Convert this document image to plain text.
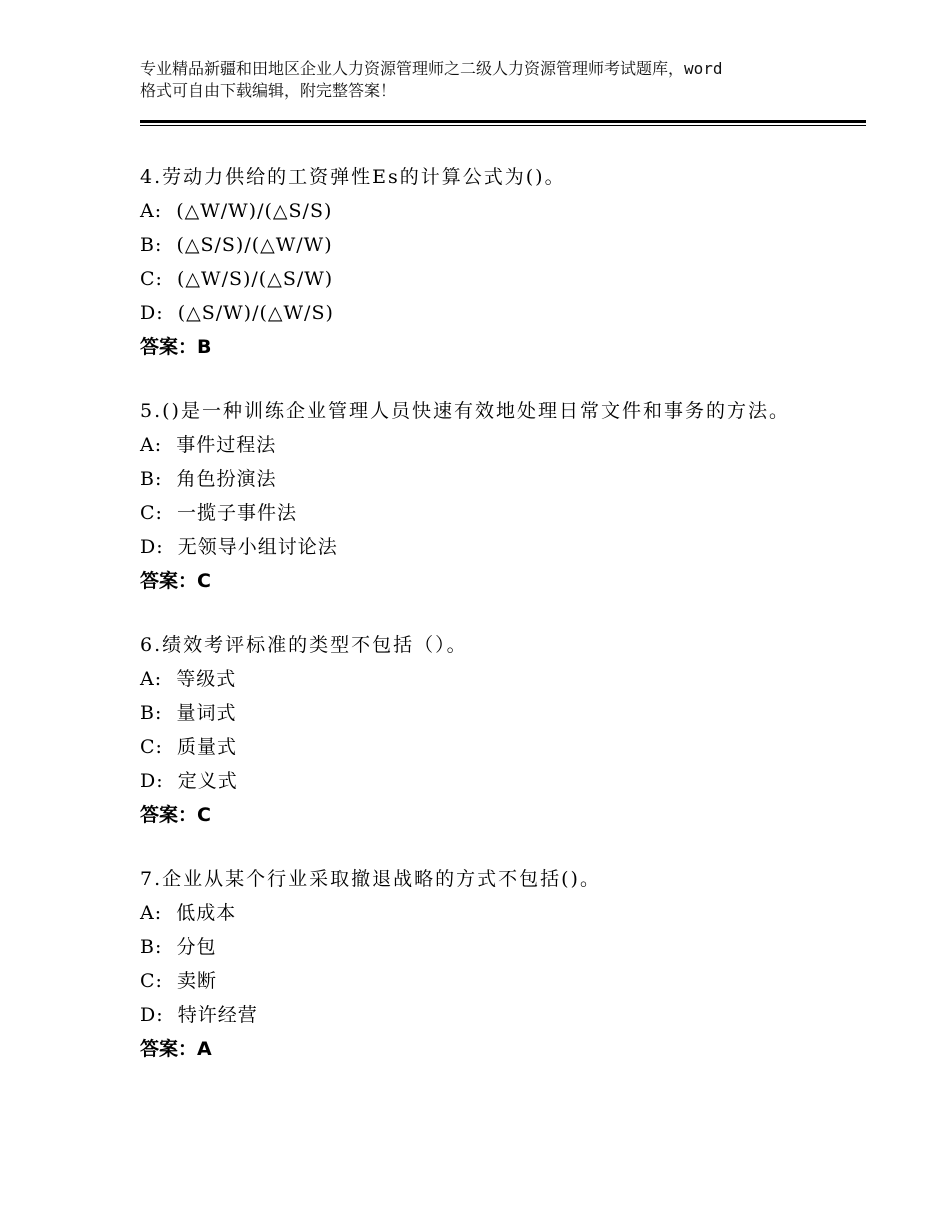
专业精品新疆和田地区企业人力资源管理师之二级人力资源管理师考试题库，word
格式可自由下载编辑，附完整答案！
4.劳动力供给的工资弹性Es的计算公式为()。
A:  (△W/W)/(△S/S)
B:  (△S/S)/(△W/W)
C:  (△W/S)/(△S/W)
D:  (△S/W)/(△W/S)
答案：B
5.()是一种训练企业管理人员快速有效地处理日常文件和事务的方法。
A:  事件过程法
B:  角色扮演法
C:  一揽子事件法
D:  无领导小组讨论法
答案：C
6.绩效考评标准的类型不包括（）。
A:  等级式
B:  量词式
C:  质量式
D:  定义式
答案：C
7.企业从某个行业采取撤退战略的方式不包括()。
A:  低成本
B:  分包
C:  卖断
D:  特许经营
答案：A
